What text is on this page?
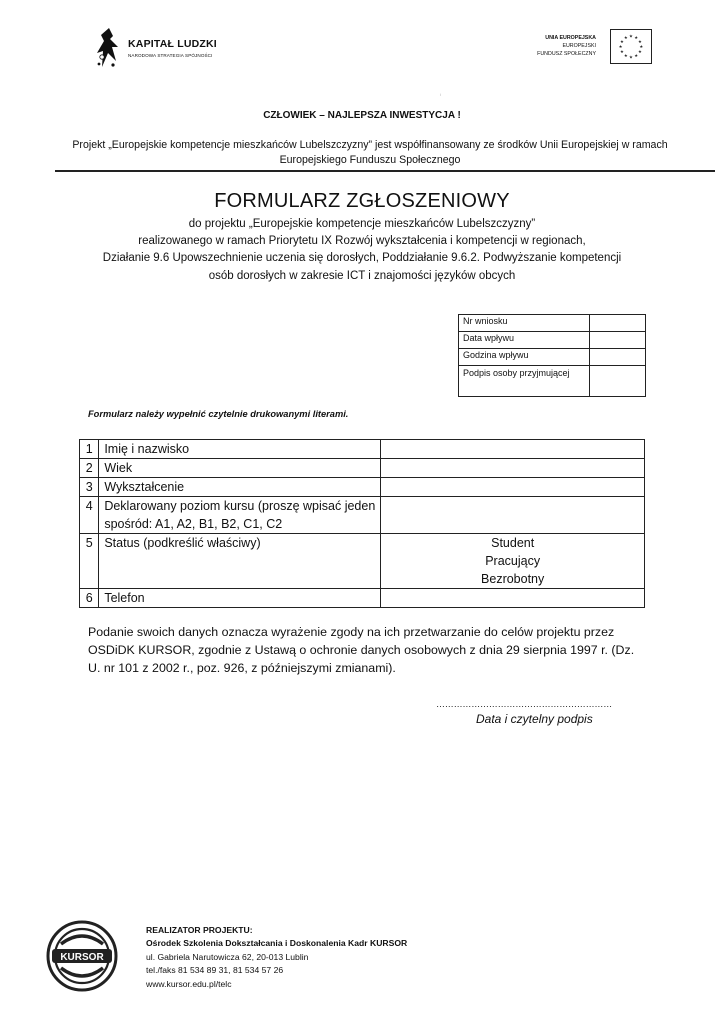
KAPITAŁ LUDZKI
NARODOWA STRATEGIA SPÓJNOŚCI
UNIA EUROPEJSKA
EUROPEJSKI
FUNDUSZ SPOŁECZNY
★ ★
★
★
★
★
★
★
★
★
★
★
i
CZŁOWIEK – NAJLEPSZA INWESTYCJA !
Projekt „Europejskie kompetencje mieszkańców Lubelszczyzny” jest współfinansowany ze środków Unii Europejskiej w ramach Europejskiego Funduszu Społecznego
FORMULARZ ZGŁOSZENIOWY
do projektu „Europejskie kompetencje mieszkańców Lubelszczyzny”
realizowanego w ramach Priorytetu IX Rozwój wykształcenia i kompetencji w regionach,
Działanie 9.6 Upowszechnienie uczenia się dorosłych, Poddziałanie 9.6.2. Podwyższanie kompetencji
osób dorosłych w zakresie ICT i znajomości języków obcych
Nr wniosku	
Data wpływu	
Godzina wpływu	
Podpis osoby przyjmującej	
Formularz należy wypełnić czytelnie drukowanymi literami.
1	Imię i nazwisko	
2	Wiek	
3	Wykształcenie	
4	Deklarowany poziom kursu (proszę wpisać jeden spośród: A1, A2, B1, B2, C1, C2	
5	Status (podkreślić właściwy)	Student
Pracujący
Bezrobotny

6	Telefon	
Podanie swoich danych oznacza wyrażenie zgody na ich przetwarzanie do celów projektu przez OSDiDK KURSOR, zgodnie z Ustawą o ochronie danych osobowych z dnia 29 sierpnia 1997 r. (Dz. U. nr 101 z 2002 r., poz. 926, z późniejszymi zmianami).
……………………………………………………
Data i czytelny podpis
KURSOR
REALIZATOR PROJEKTU:
Ośrodek Szkolenia Dokształcania i Doskonalenia Kadr KURSOR
ul. Gabriela Narutowicza 62, 20-013 Lublin
tel./faks 81 534 89 31, 81 534 57 26
www.kursor.edu.pl/telc
